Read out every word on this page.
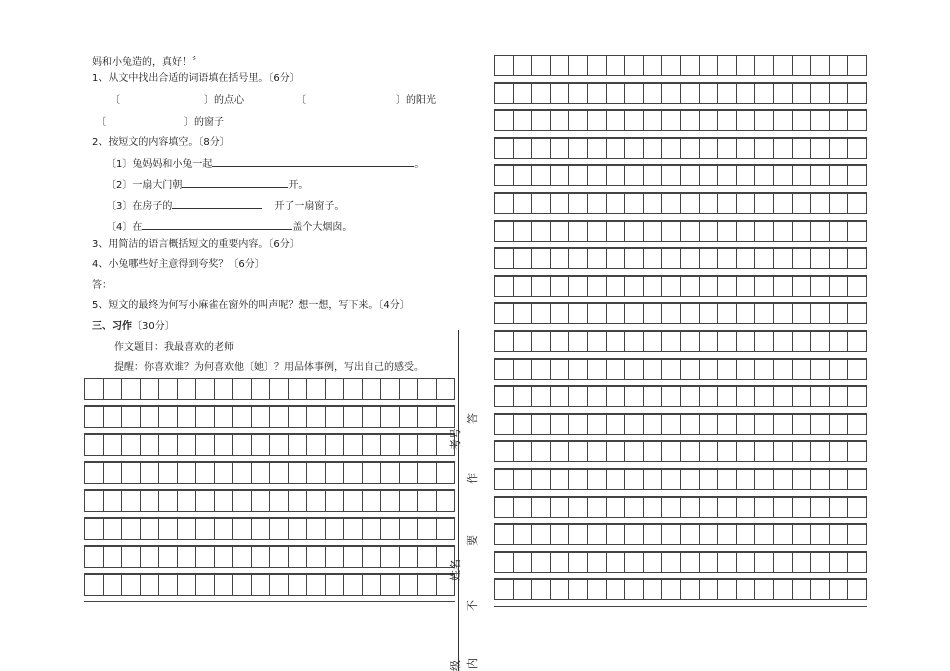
妈和小兔造的，真好！〞
1、从文中找出合适的词语填在括号里。〔6分〕
〔	〕的点心	〔	〕的阳光
〔	〕的窗子
2、按短文的内容填空。〔8分〕
〔1〕兔妈妈和小兔一起	。
〔2〕一扇大门朝	开。
〔3〕在房子的	开了一扇窗子。
〔4〕在	盖个大烟囱。
3、用简洁的语言概括短文的重要内容。〔6分〕
4、小兔哪些好主意得到夸奖？〔6分〕
答：
5、短文的最终为何写小麻雀在窗外的叫声呢？想一想，写下来。〔4分〕
三、习作〔30分〕
作文题目：我最喜欢的老师
提醒：你喜欢谁？为何喜欢他〔她〕？用品体事例，写出自己的感受。
考号
姓名
级
答
作
要
不
内
